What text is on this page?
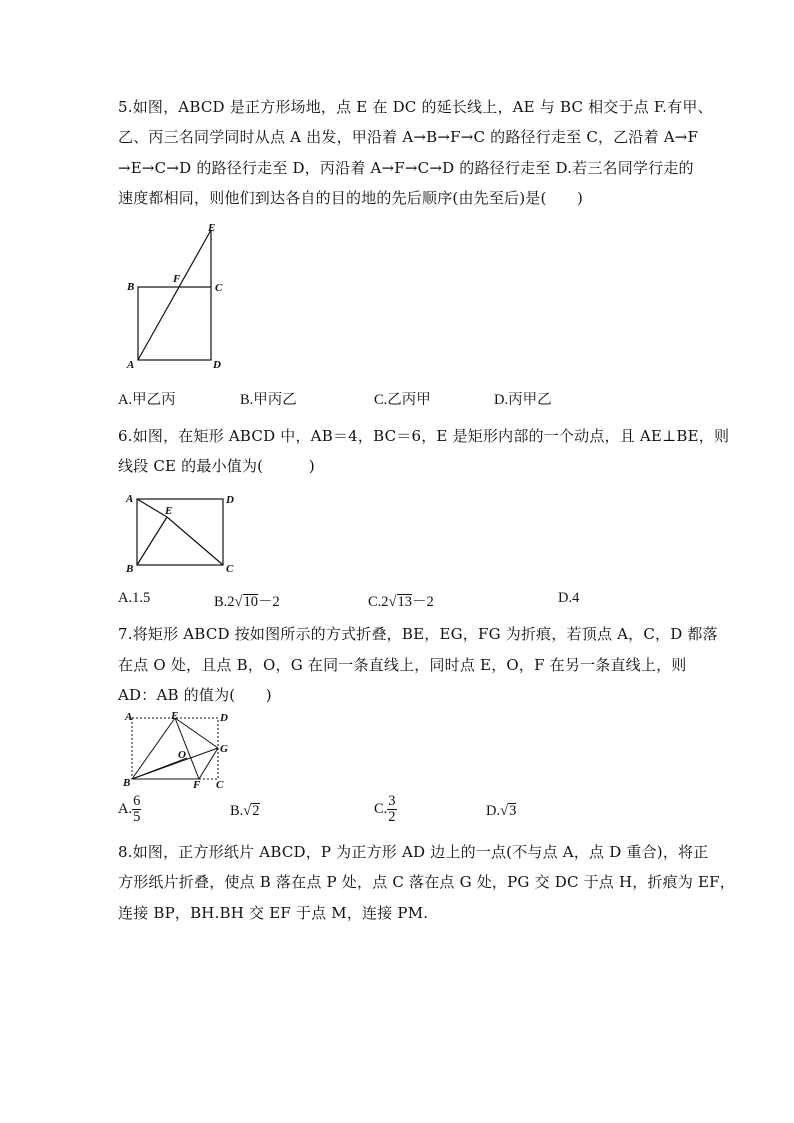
5.如图，ABCD 是正方形场地，点 E 在 DC 的延长线上，AE 与 BC 相交于点 F.有甲、
乙、丙三名同学同时从点 A 出发，甲沿着 A→B→F→C 的路径行走至 C，乙沿着 A→F
→E→C→D 的路径行走至 D，丙沿着 A→F→C→D 的路径行走至 D.若三名同学行走的
速度都相同，则他们到达各自的目的地的先后顺序(由先至后)是(　　)
E
F
B	C
A	D
A.甲乙丙	B.甲丙乙	C.乙丙甲	D.丙甲乙
6.如图，在矩形 ABCD 中，AB＝4，BC＝6，E 是矩形内部的一个动点，且 AE⊥BE，则
线段 CE 的最小值为(　　　)
A	D
E
B	C
A.1.5	B.2√10－2	C.2√13－2	D.4
7.将矩形 ABCD 按如图所示的方式折叠，BE，EG，FG 为折痕，若顶点 A，C，D 都落
在点 O 处，且点 B，O，G 在同一条直线上，同时点 E，O，F 在另一条直线上，则
AD：AB 的值为(　　)
A	E	D
O	G
B	F C
A. $\frac{6}{5}$	B.√2	C. $\frac{3}{2}$	D.√3
8.如图，正方形纸片 ABCD，P 为正方形 AD 边上的一点(不与点 A，点 D 重合)，将正
方形纸片折叠，使点 B 落在点 P 处，点 C 落在点 G 处，PG 交 DC 于点 H，折痕为 EF，
连接 BP，BH.BH 交 EF 于点 M，连接 PM.
